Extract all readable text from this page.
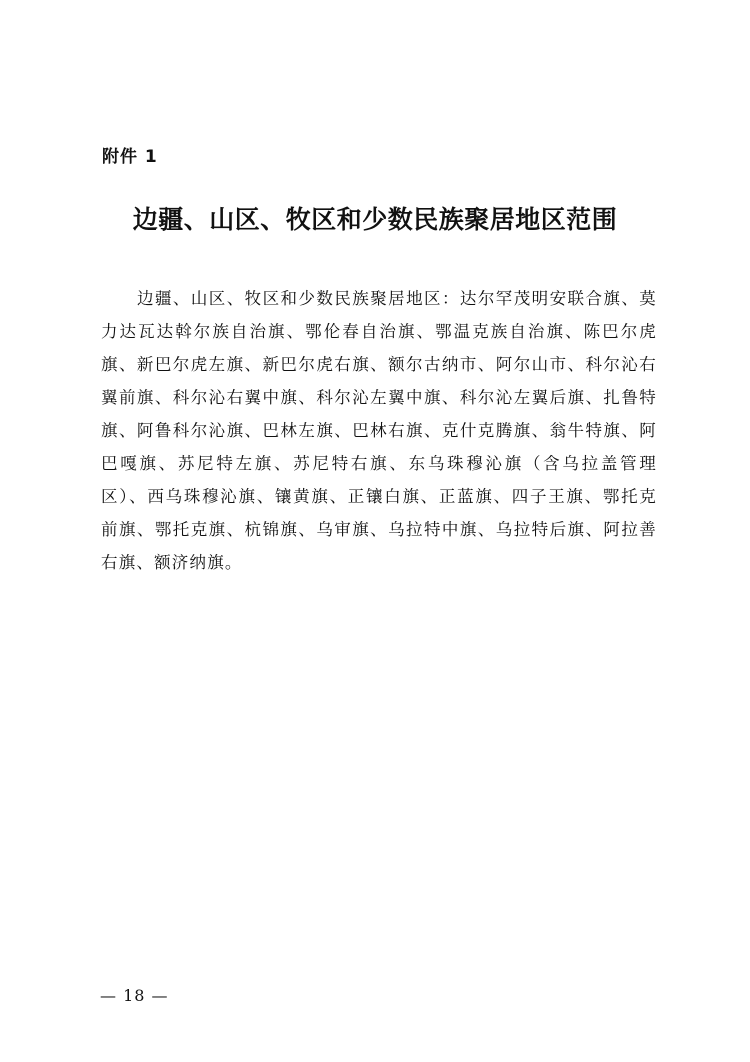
附件 1
边疆、山区、牧区和少数民族聚居地区范围

边疆、山区、牧区和少数民族聚居地区：达尔罕茂明安联合旗、莫力达瓦达斡尔族自治旗、鄂伦春自治旗、鄂温克族自治旗、陈巴尔虎旗、新巴尔虎左旗、新巴尔虎右旗、额尔古纳市、阿尔山市、科尔沁右翼前旗、科尔沁右翼中旗、科尔沁左翼中旗、科尔沁左翼后旗、扎鲁特旗、阿鲁科尔沁旗、巴林左旗、巴林右旗、克什克腾旗、翁牛特旗、阿巴嘎旗、苏尼特左旗、苏尼特右旗、东乌珠穆沁旗（含乌拉盖管理区）、西乌珠穆沁旗、镶黄旗、正镶白旗、正蓝旗、四子王旗、鄂托克前旗、鄂托克旗、杭锦旗、乌审旗、乌拉特中旗、乌拉特后旗、阿拉善右旗、额济纳旗。

— 18 —
